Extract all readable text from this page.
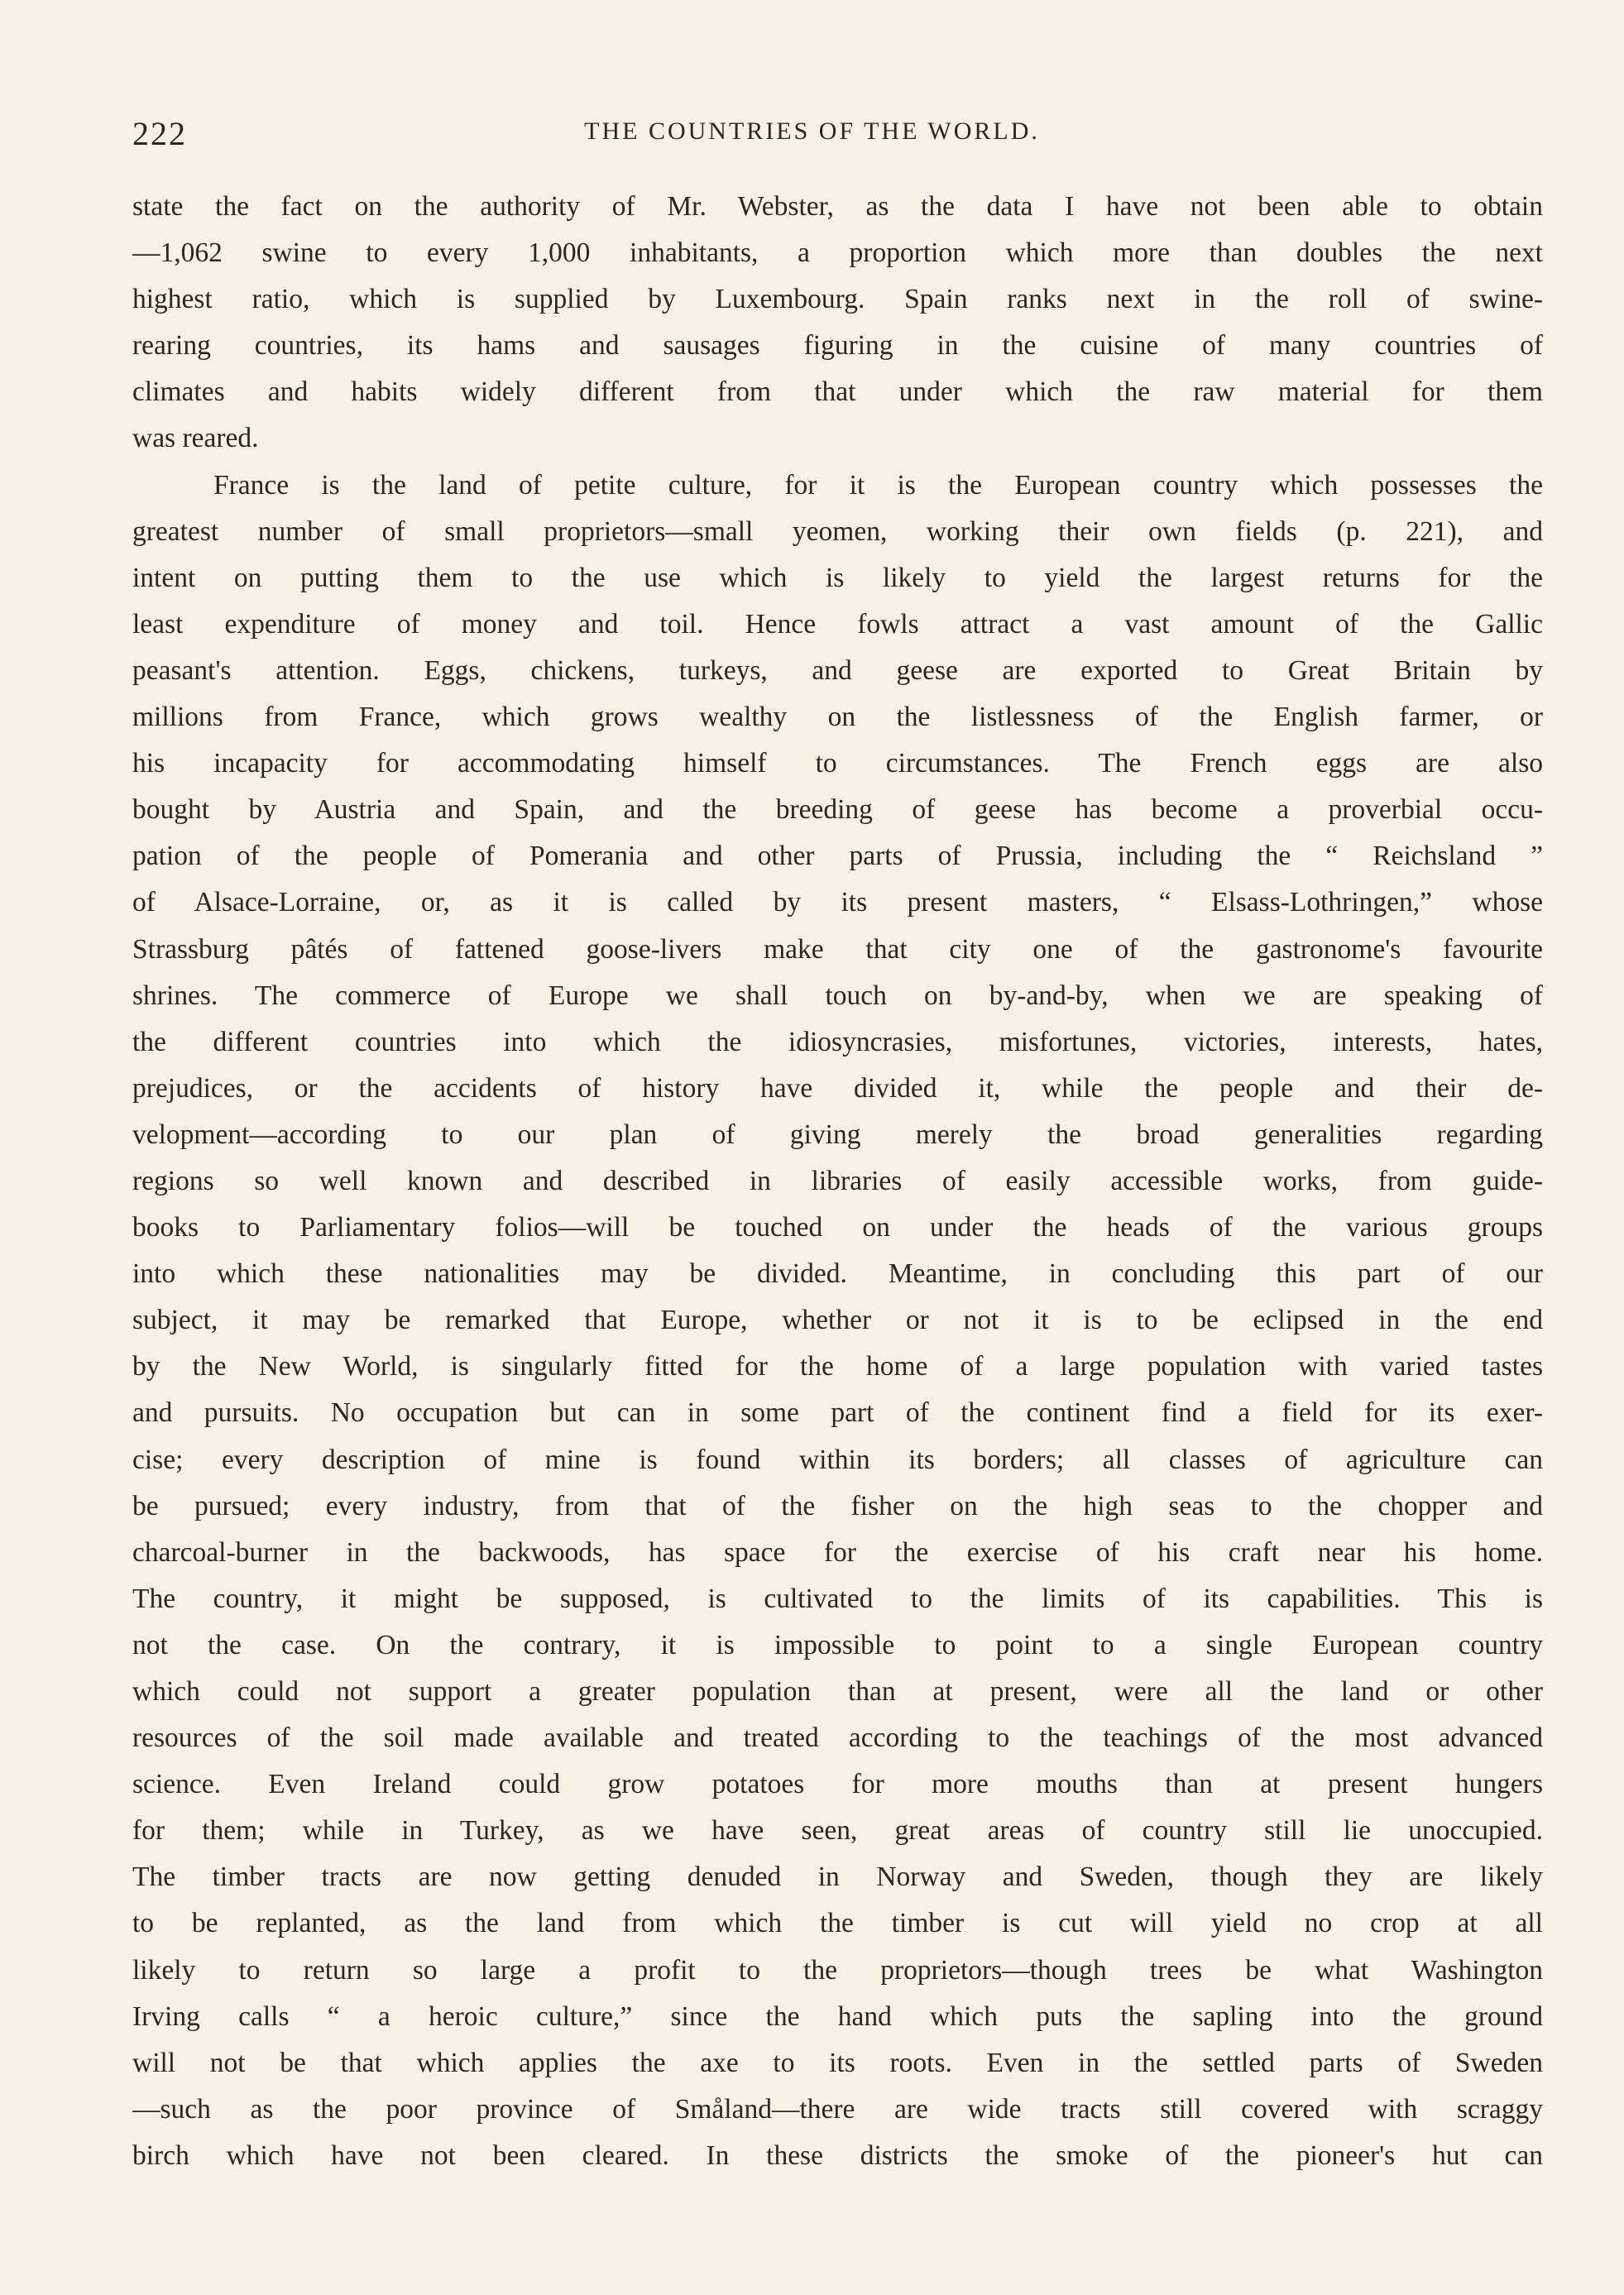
222	THE COUNTRIES OF THE WORLD.
state the fact on the authority of Mr. Webster, as the data I have not been able to obtain
—1,062 swine to every 1,000 inhabitants, a proportion which more than doubles the next
highest ratio, which is supplied by Luxembourg. Spain ranks next in the roll of swine-
rearing countries, its hams and sausages figuring in the cuisine of many countries of
climates and habits widely different from that under which the raw material for them
was reared.
France is the land of petite culture, for it is the European country which possesses the
greatest number of small proprietors—small yeomen, working their own fields (p. 221), and
intent on putting them to the use which is likely to yield the largest returns for the
least expenditure of money and toil. Hence fowls attract a vast amount of the Gallic
peasant's attention. Eggs, chickens, turkeys, and geese are exported to Great Britain by
millions from France, which grows wealthy on the listlessness of the English farmer, or
his incapacity for accommodating himself to circumstances. The French eggs are also
bought by Austria and Spain, and the breeding of geese has become a proverbial occu-
pation of the people of Pomerania and other parts of Prussia, including the “ Reichsland ”
of Alsace-Lorraine, or, as it is called by its present masters, “ Elsass-Lothringen,” whose
Strassburg pâtés of fattened goose-livers make that city one of the gastronome's favourite
shrines. The commerce of Europe we shall touch on by-and-by, when we are speaking of
the different countries into which the idiosyncrasies, misfortunes, victories, interests, hates,
prejudices, or the accidents of history have divided it, while the people and their de-
velopment—according to our plan of giving merely the broad generalities regarding
regions so well known and described in libraries of easily accessible works, from guide-
books to Parliamentary folios—will be touched on under the heads of the various groups
into which these nationalities may be divided. Meantime, in concluding this part of our
subject, it may be remarked that Europe, whether or not it is to be eclipsed in the end
by the New World, is singularly fitted for the home of a large population with varied tastes
and pursuits. No occupation but can in some part of the continent find a field for its exer-
cise; every description of mine is found within its borders; all classes of agriculture can
be pursued; every industry, from that of the fisher on the high seas to the chopper and
charcoal-burner in the backwoods, has space for the exercise of his craft near his home.
The country, it might be supposed, is cultivated to the limits of its capabilities. This is
not the case. On the contrary, it is impossible to point to a single European country
which could not support a greater population than at present, were all the land or other
resources of the soil made available and treated according to the teachings of the most advanced
science. Even Ireland could grow potatoes for more mouths than at present hungers
for them; while in Turkey, as we have seen, great areas of country still lie unoccupied.
The timber tracts are now getting denuded in Norway and Sweden, though they are likely
to be replanted, as the land from which the timber is cut will yield no crop at all
likely to return so large a profit to the proprietors—though trees be what Washington
Irving calls “ a heroic culture,” since the hand which puts the sapling into the ground
will not be that which applies the axe to its roots. Even in the settled parts of Sweden
—such as the poor province of Småland—there are wide tracts still covered with scraggy
birch which have not been cleared. In these districts the smoke of the pioneer's hut can
